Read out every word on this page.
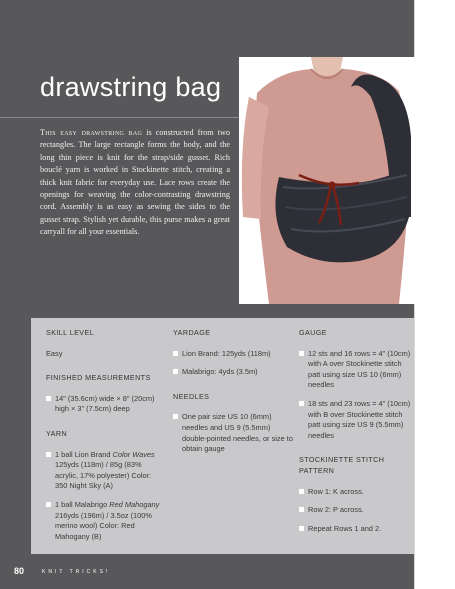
drawstring bag

This easy drawstring bag is constructed from two rectangles. The large rectangle forms the body, and the long thin piece is knit for the strap/side gusset. Rich bouclé yarn is worked in Stockinette stitch, creating a thick knit fabric for everyday use. Lace rows create the openings for weaving the color-contrasting drawstring cord. Assembly is as easy as sewing the sides to the gusset strap. Stylish yet durable, this purse makes a great carryall for all your essentials.

SKILL LEVEL
Easy
FINISHED MEASUREMENTS
14" (35.6cm) wide × 8" (20cm) high × 3" (7.5cm) deep
YARN
1 ball Lion Brand Color Waves 125yds (118m) / 85g (83% acrylic, 17% polyester) Color: 350 Night Sky (A)
1 ball Malabrigo Red Mahogany 216yds (196m) / 3.5oz (100% merino wool) Color: Red Mahogany (B)
YARDAGE
Lion Brand: 125yds (118m)
Malabrigo: 4yds (3.5m)
NEEDLES
One pair size US 10 (6mm) needles and US 9 (5.5mm) double-pointed needles, or size to obtain gauge
GAUGE
12 sts and 16 rows = 4" (10cm) with A over Stockinette stitch patt using size US 10 (6mm) needles
18 sts and 23 rows = 4" (10cm) with B over Stockinette stitch patt using size US 9 (5.5mm) needles
STOCKINETTE STITCH PATTERN
Row 1: K across.
Row 2: P across.
Repeat Rows 1 and 2.
80	KNIT TRICKS!
